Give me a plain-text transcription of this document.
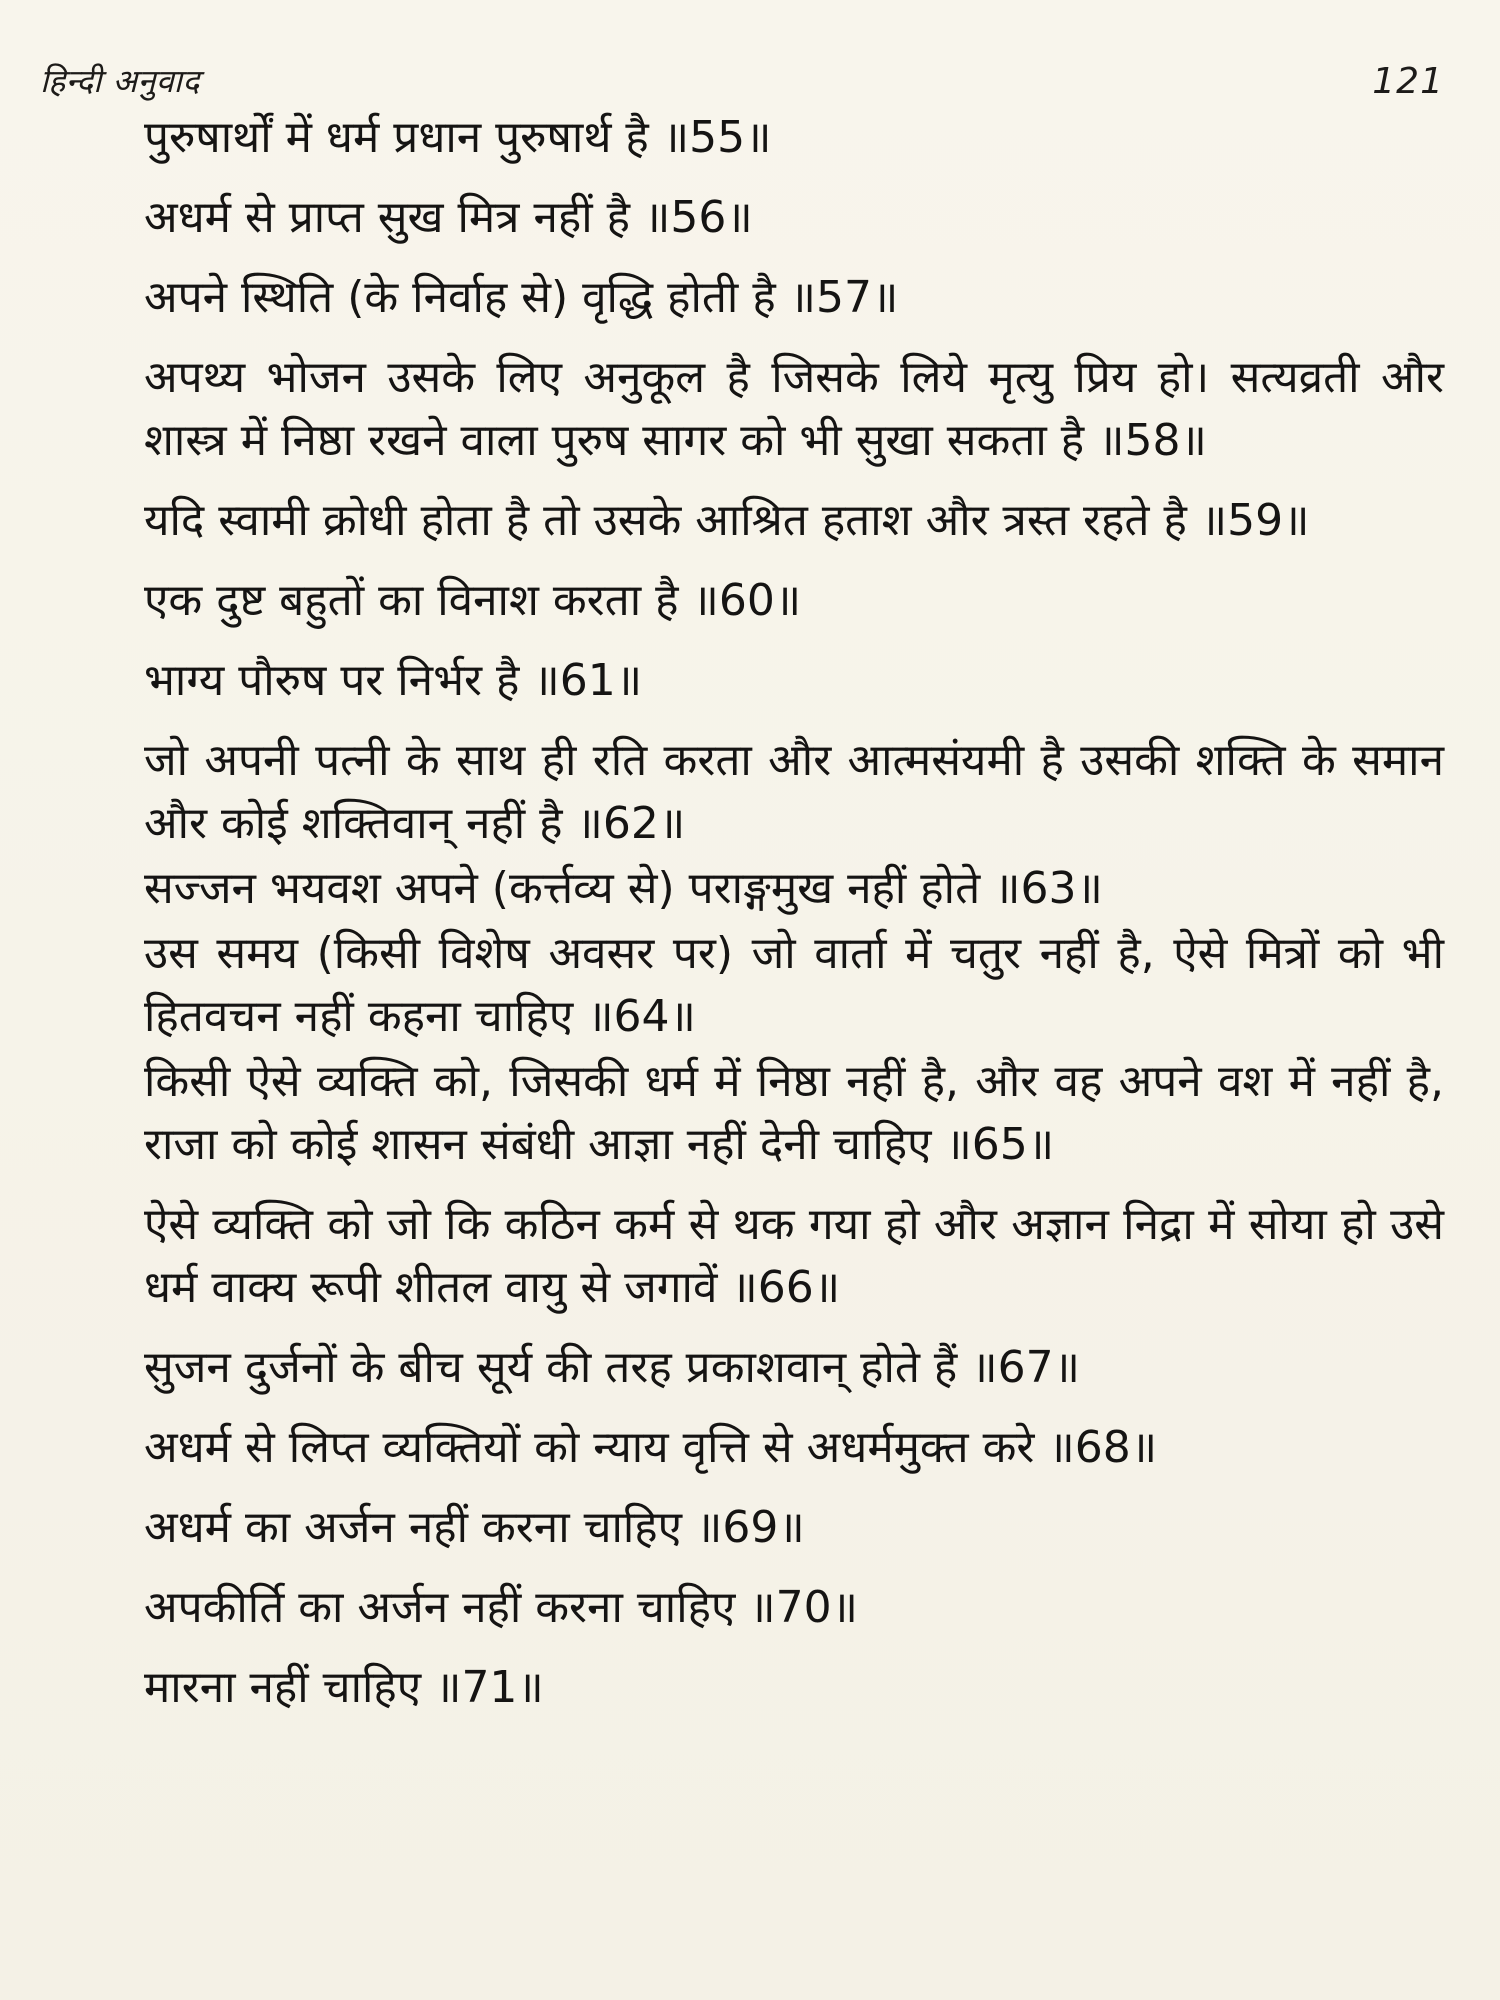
हिन्दी अनुवाद	121

पुरुषार्थों में धर्म प्रधान पुरुषार्थ है ॥55॥

अधर्म से प्राप्त सुख मित्र नहीं है ॥56॥

अपने स्थिति (के निर्वाह से) वृद्धि होती है ॥57॥

अपथ्य भोजन उसके लिए अनुकूल है जिसके लिये मृत्यु प्रिय हो। सत्यव्रती और शास्त्र में निष्ठा रखने वाला पुरुष सागर को भी सुखा सकता है ॥58॥

यदि स्वामी क्रोधी होता है तो उसके आश्रित हताश और त्रस्त रहते है ॥59॥

एक दुष्ट बहुतों का विनाश करता है ॥60॥

भाग्य पौरुष पर निर्भर है ॥61॥

जो अपनी पत्नी के साथ ही रति करता और आत्मसंयमी है उसकी शक्ति के समान और कोई शक्तिवान् नहीं है ॥62॥

सज्जन भयवश अपने (कर्त्तव्य से) पराङ्गमुख नहीं होते ॥63॥

उस समय (किसी विशेष अवसर पर) जो वार्ता में चतुर नहीं है, ऐसे मित्रों को भी हितवचन नहीं कहना चाहिए ॥64॥

किसी ऐसे व्यक्ति को, जिसकी धर्म में निष्ठा नहीं है, और वह अपने वश में नहीं है, राजा को कोई शासन संबंधी आज्ञा नहीं देनी चाहिए ॥65॥

ऐसे व्यक्ति को जो कि कठिन कर्म से थक गया हो और अज्ञान निद्रा में सोया हो उसे धर्म वाक्य रूपी शीतल वायु से जगावें ॥66॥

सुजन दुर्जनों के बीच सूर्य की तरह प्रकाशवान् होते हैं ॥67॥

अधर्म से लिप्त व्यक्तियों को न्याय वृत्ति से अधर्ममुक्त करे ॥68॥

अधर्म का अर्जन नहीं करना चाहिए ॥69॥

अपकीर्ति का अर्जन नहीं करना चाहिए ॥70॥

मारना नहीं चाहिए ॥71॥
